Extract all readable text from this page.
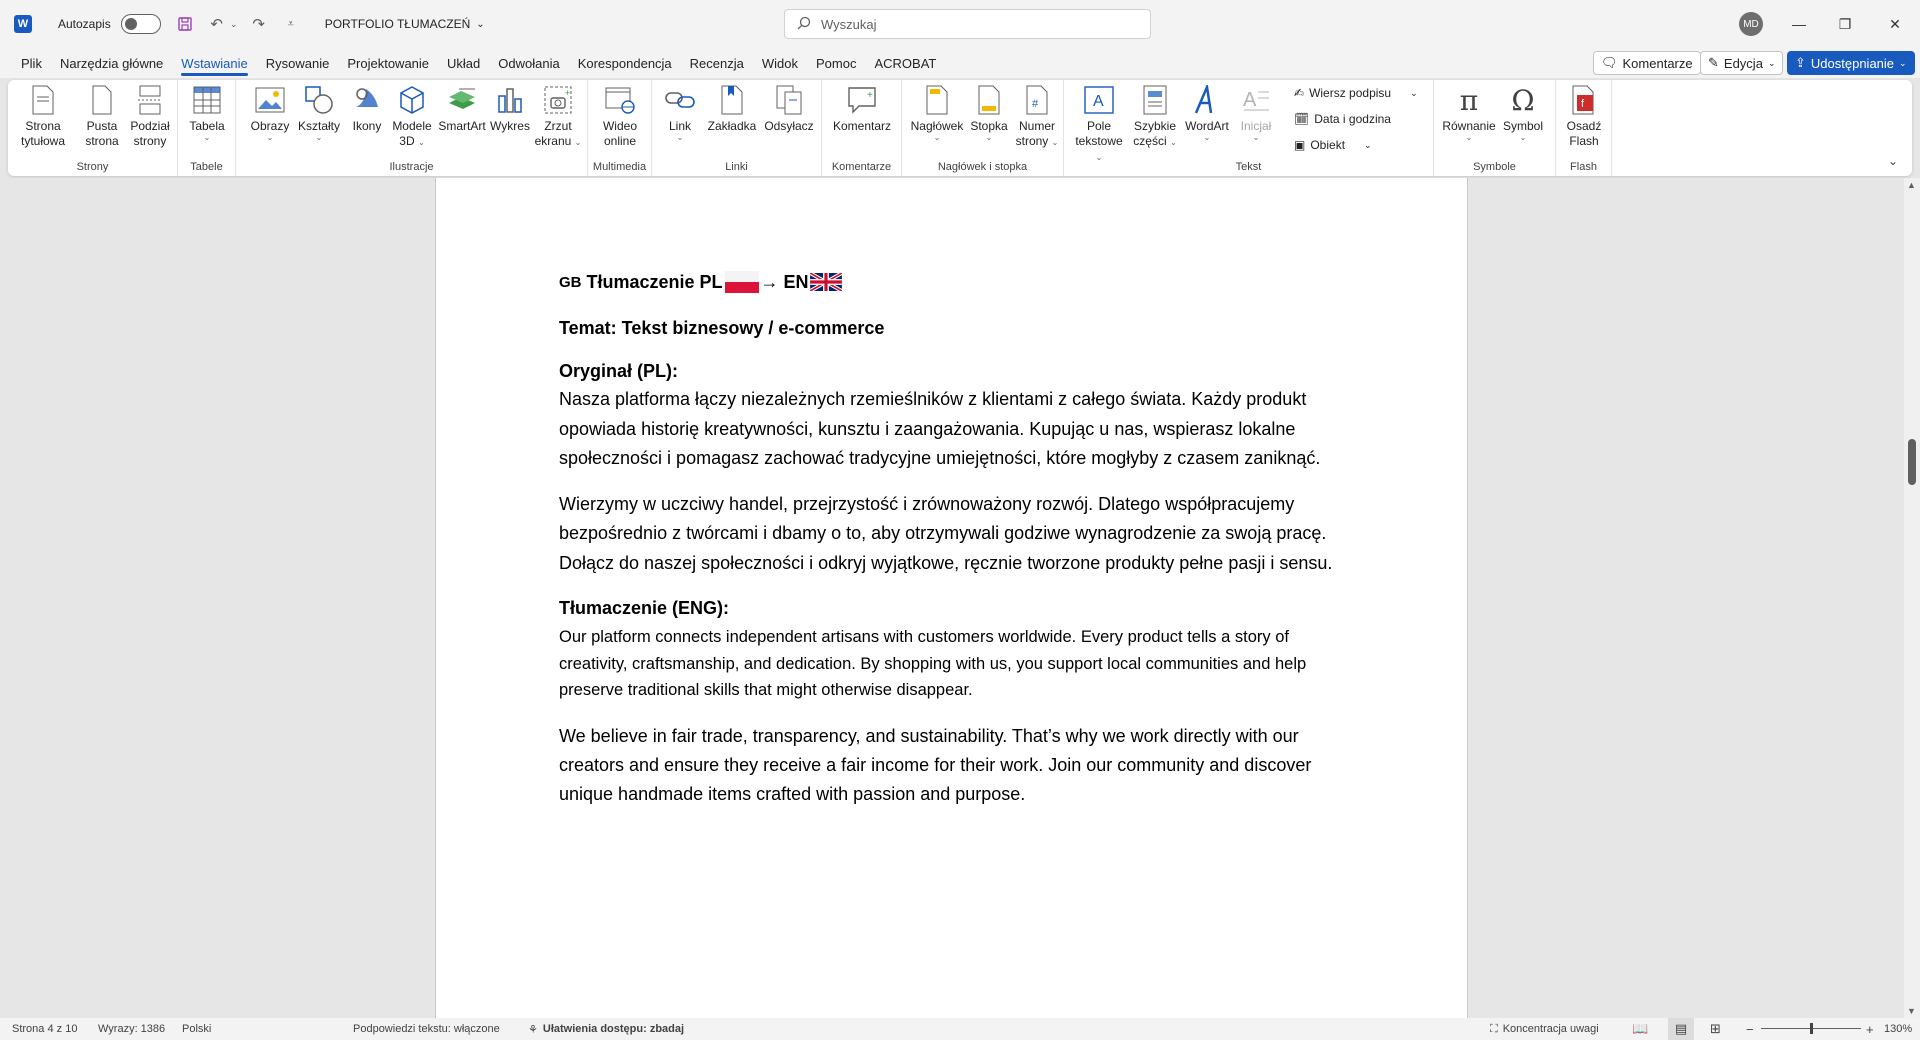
W	Autozapis	↶ ⌄ ↷	⩡	PORTFOLIO TŁUMACZEŃ ⌄	Wyszukaj	MD	—	❐	✕
Plik	Narzędzia główne	Wstawianie	Rysowanie	Projektowanie	Układ	Odwołania	Korespondencja	Recenzja	Widok	Pomoc	ACROBAT	🗨 Komentarze ✎ Edycja ⌄ ⇪ Udostępnianie ⌄
Strona
tytułowa
Pusta
strona
Podział
strony
Strony
Tabela
⌄
Tabele
Obrazy
⌄
Kształty
⌄
Ikony Modele
3D ⌄
SmartArt Wykres
+
Zrzut
ekranu ⌄
Ilustracje
Wideo
online
Multimedia
Link
⌄
Zakładka Odsyłacz
Linki
+
Komentarz
Komentarze
Nagłówek
⌄
Stopka
⌄
#
Numer
strony ⌄
Nagłówek i stopka
A
Pole
tekstowe ⌄
Szybkie
części ⌄
WordArt
⌄
A
Inicjał
⌄
✍ Wiersz podpisu ⌄
🗓 Data i godzina
▣ Obiekt ⌄
Tekst
π
Równanie
⌄
Ω
Symbol
⌄
Symbole
f
Osadź
Flash
Flash	⌄
GB Tłumaczenie PL → EN
Temat: Tekst biznesowy / e-commerce
Oryginał (PL):
Nasza platforma łączy niezależnych rzemieślników z klientami z całego świata. Każdy produkt opowiada historię kreatywności, kunsztu i zaangażowania. Kupując u nas, wspierasz lokalne społeczności i pomagasz zachować tradycyjne umiejętności, które mogłyby z czasem zaniknąć.
Wierzymy w uczciwy handel, przejrzystość i zrównoważony rozwój. Dlatego współpracujemy bezpośrednio z twórcami i dbamy o to, aby otrzymywali godziwe wynagrodzenie za swoją pracę. Dołącz do naszej społeczności i odkryj wyjątkowe, ręcznie tworzone produkty pełne pasji i sensu.
Tłumaczenie (ENG):
Our platform connects independent artisans with customers worldwide. Every product tells a story of creativity, craftsmanship, and dedication. By shopping with us, you support local communities and help preserve traditional skills that might otherwise disappear.
We believe in fair trade, transparency, and sustainability. That’s why we work directly with our creators and ensure they receive a fair income for their work. Join our community and discover unique handmade items crafted with passion and purpose.
▲
▼
Strona 4 z 10 Wyrazy: 1386 Polski	Podpowiedzi tekstu: włączone	⚘ Ułatwienia dostępu: zbadaj	⛶ Koncentracja uwagi	📖	▤	⊞ −	+ 130%
